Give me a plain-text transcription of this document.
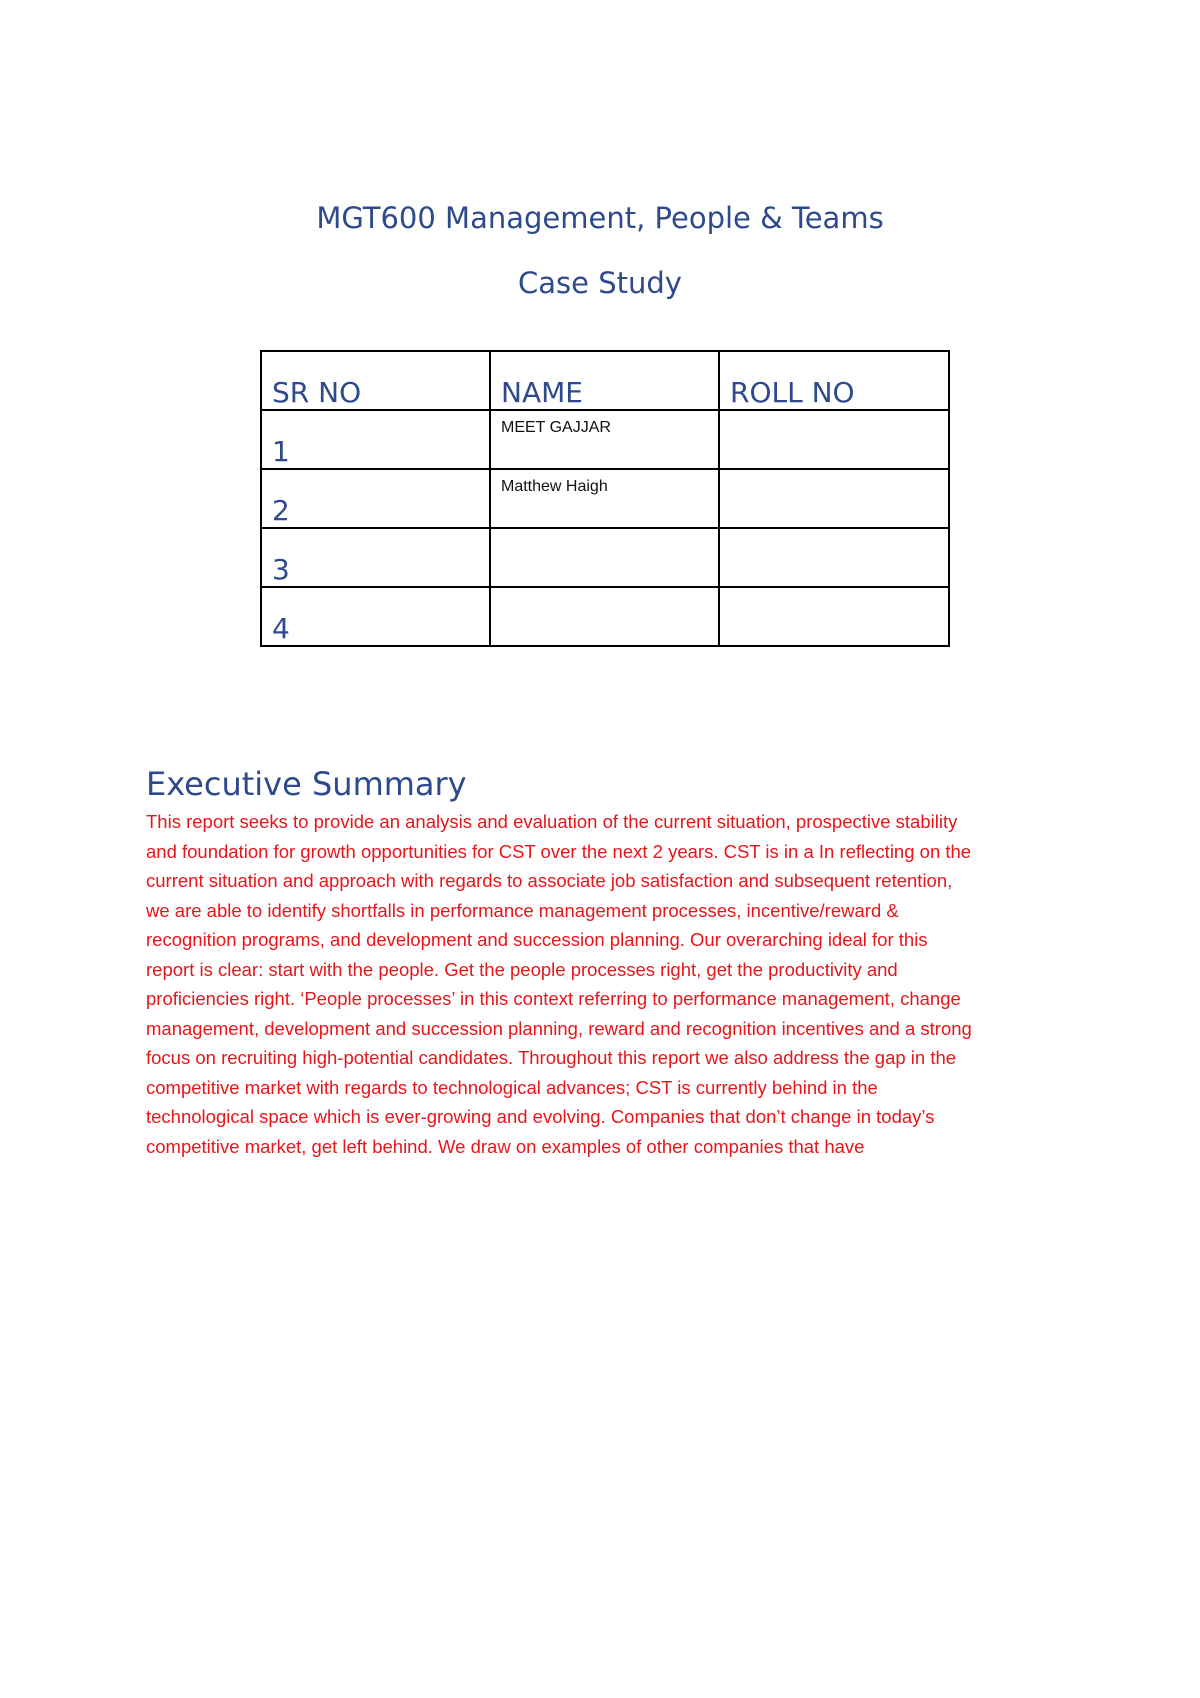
MGT600 Management, People & Teams
Case Study
SR NO	NAME	ROLL NO
1	MEET GAJJAR	
2	Matthew Haigh	
3		
4		
Executive Summary

This report seeks to provide an analysis and evaluation of the current situation, prospective stability
and foundation for growth opportunities for CST over the next 2 years. CST is in a In reflecting on the
current situation and approach with regards to associate job satisfaction and subsequent retention,
we are able to identify shortfalls in performance management processes, incentive/reward &
recognition programs, and development and succession planning. Our overarching ideal for this
report is clear: start with the people. Get the people processes right, get the productivity and
proficiencies right. ‘People processes’ in this context referring to performance management, change
management, development and succession planning, reward and recognition incentives and a strong
focus on recruiting high-potential candidates. Throughout this report we also address the gap in the
competitive market with regards to technological advances; CST is currently behind in the
technological space which is ever-growing and evolving. Companies that don’t change in today’s
competitive market, get left behind. We draw on examples of other companies that have
